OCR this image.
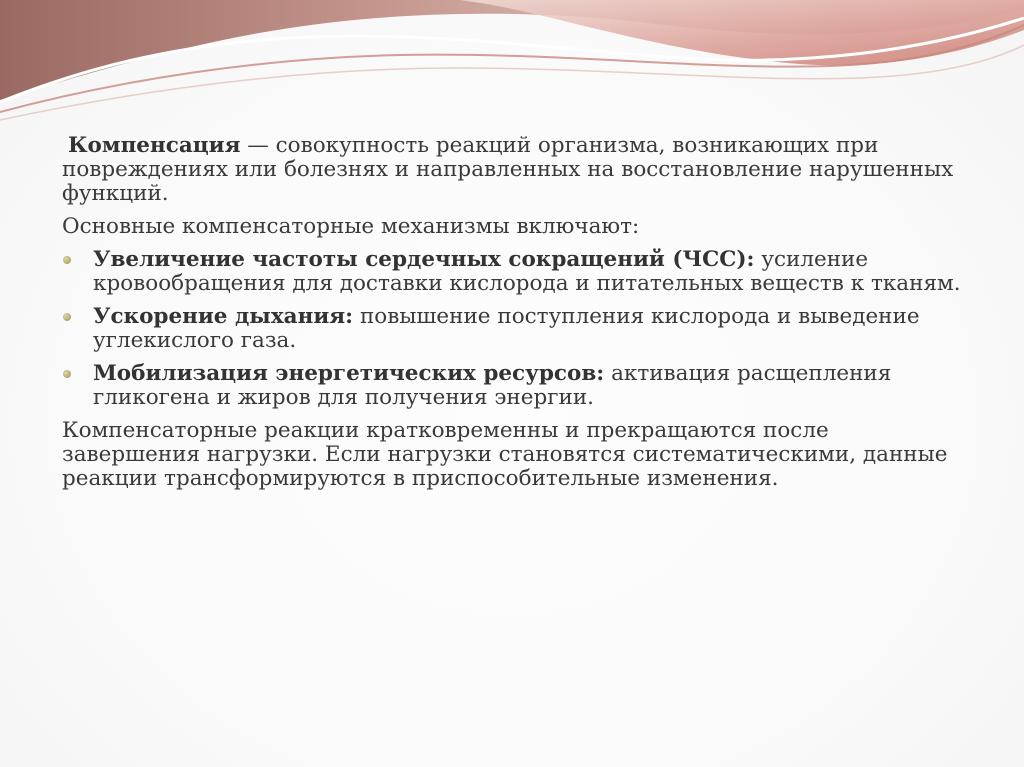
Компенсация — совокупность реакций организма, возникающих при повреждениях или болезнях и направленных на восстановление нарушенных функций.

Основные компенсаторные механизмы включают:

Увеличение частоты сердечных сокращений (ЧСС): усиление кровообращения для доставки кислорода и питательных веществ к тканям.
Ускорение дыхания: повышение поступления кислорода и выведение углекислого газа.
Мобилизация энергетических ресурсов: активация расщепления гликогена и жиров для получения энергии.

Компенсаторные реакции кратковременны и прекращаются после завершения нагрузки. Если нагрузки становятся систематическими, данные реакции трансформируются в приспособительные изменения.
